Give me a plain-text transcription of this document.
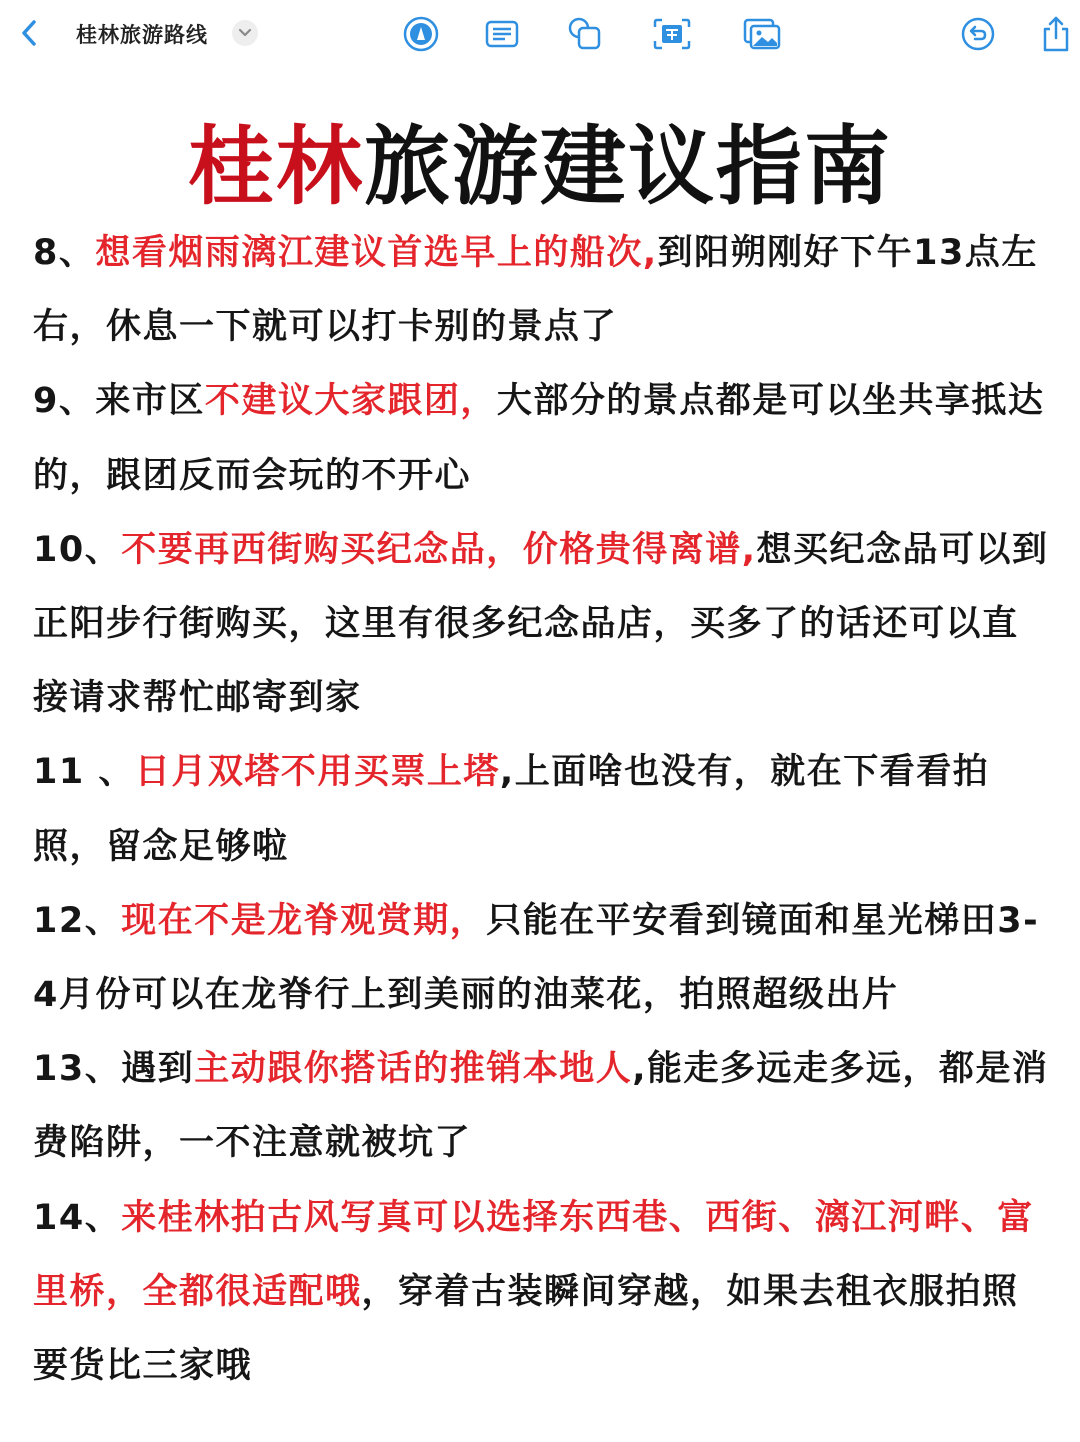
桂林旅游路线
桂林旅游建议指南

8、想看烟雨漓江建议首选早上的船次,到阳朔刚好下午13点左右，休息一下就可以打卡别的景点了

9、来市区不建议大家跟团，大部分的景点都是可以坐共享抵达的，跟团反而会玩的不开心

10、不要再西街购买纪念品，价格贵得离谱,想买纪念品可以到正阳步行街购买，这里有很多纪念品店，买多了的话还可以直接请求帮忙邮寄到家

11 、日月双塔不用买票上塔,上面啥也没有，就在下看看拍照，留念足够啦

12、现在不是龙脊观赏期，只能在平安看到镜面和星光梯田3-4月份可以在龙脊行上到美丽的油菜花，拍照超级出片

13、遇到主动跟你搭话的推销本地人,能走多远走多远，都是消费陷阱，一不注意就被坑了

14、来桂林拍古风写真可以选择东西巷、西街、漓江河畔、富里桥，全都很适配哦，穿着古装瞬间穿越，如果去租衣服拍照要货比三家哦
